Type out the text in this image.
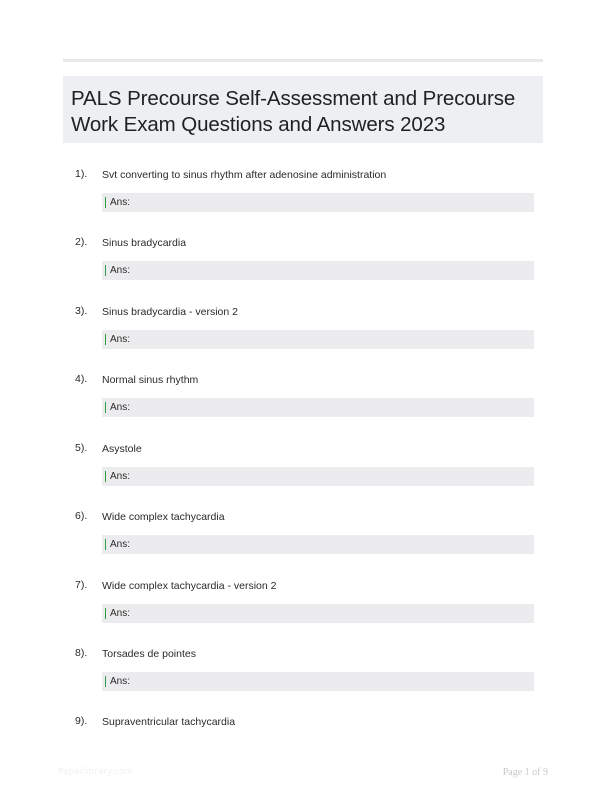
PALS Precourse Self-Assessment and Precourse Work Exam Questions and Answers 2023
1). Svt converting to sinus rhythm after adenosine administration
Ans:
2). Sinus bradycardia
Ans:
3). Sinus bradycardia - version 2
Ans:
4). Normal sinus rhythm
Ans:
5). Asystole
Ans:
6). Wide complex tachycardia
Ans:
7). Wide complex tachycardia - version 2
Ans:
8). Torsades de pointes
Ans:
9). Supraventricular tachycardia
Paperlibrary.com	Page 1 of 9
